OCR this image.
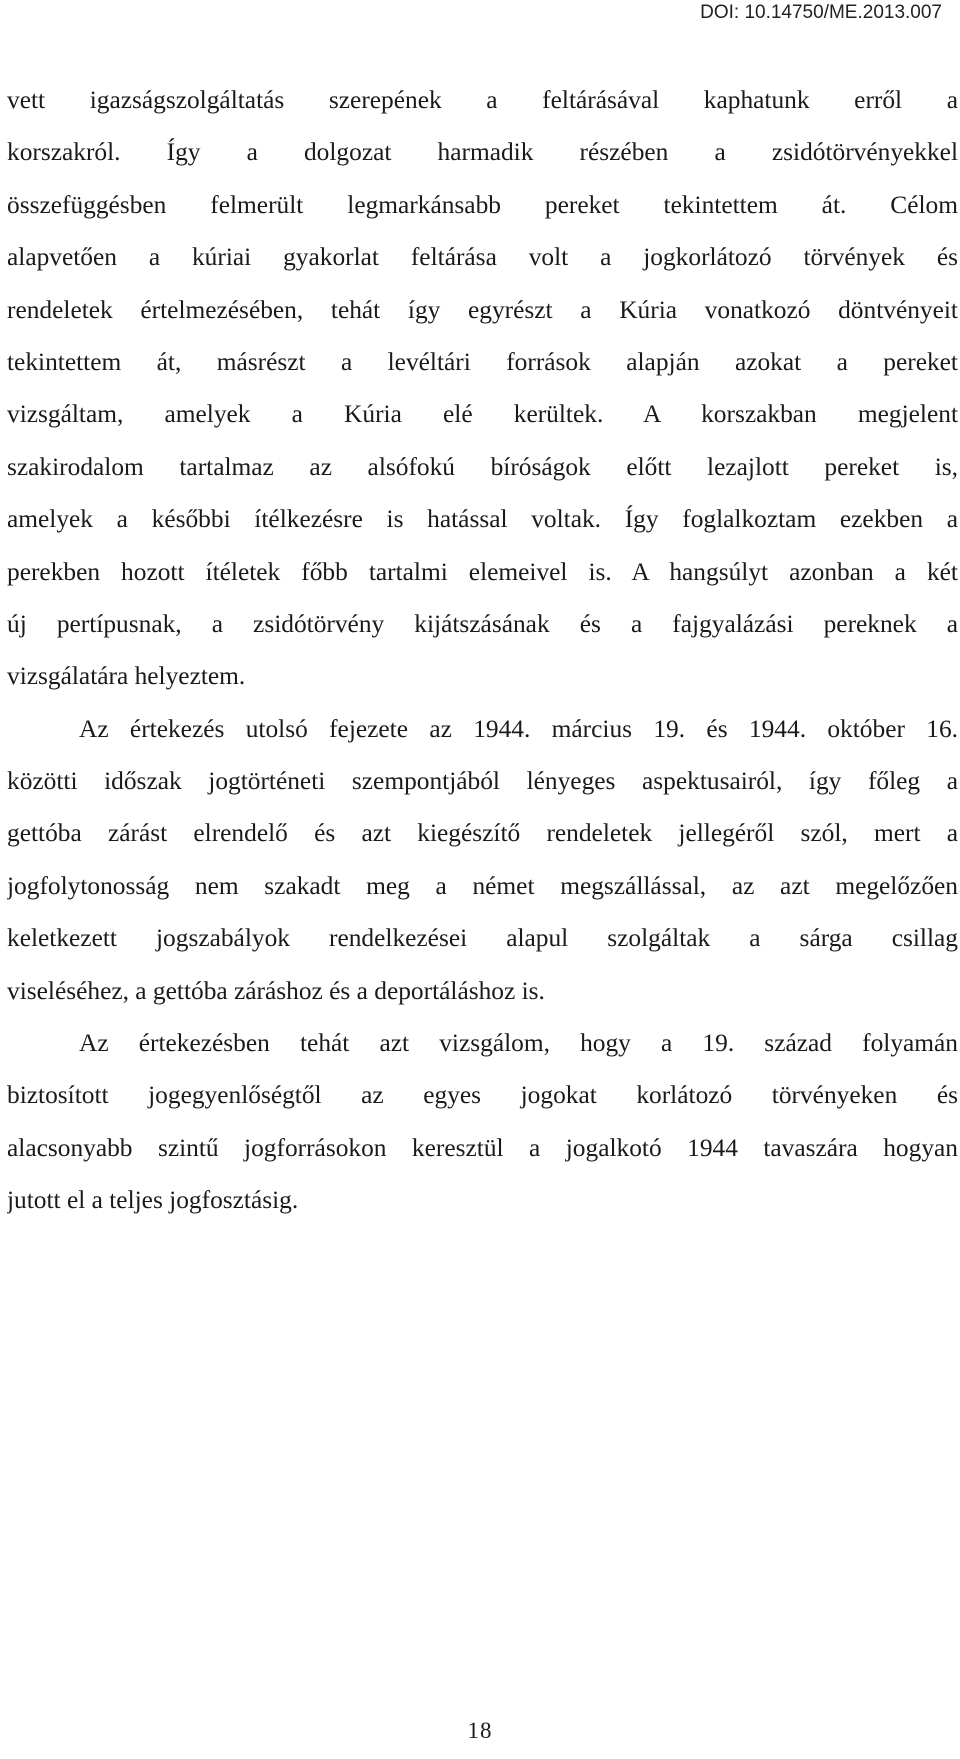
DOI: 10.14750/ME.2013.007
vett igazságszolgáltatás szerepének a feltárásával kaphatunk erről a
korszakról. Így a dolgozat harmadik részében a zsidótörvényekkel
összefüggésben felmerült legmarkánsabb pereket tekintettem át. Célom
alapvetően a kúriai gyakorlat feltárása volt a jogkorlátozó törvények és
rendeletek értelmezésében, tehát így egyrészt a Kúria vonatkozó döntvényeit
tekintettem át, másrészt a levéltári források alapján azokat a pereket
vizsgáltam, amelyek a Kúria elé kerültek. A korszakban megjelent
szakirodalom tartalmaz az alsófokú bíróságok előtt lezajlott pereket is,
amelyek a későbbi ítélkezésre is hatással voltak. Így foglalkoztam ezekben a
perekben hozott ítéletek főbb tartalmi elemeivel is. A hangsúlyt azonban a két
új pertípusnak, a zsidótörvény kijátszásának és a fajgyalázási pereknek a
vizsgálatára helyeztem.
Az értekezés utolsó fejezete az 1944. március 19. és 1944. október 16.
közötti időszak jogtörténeti szempontjából lényeges aspektusairól, így főleg a
gettóba zárást elrendelő és azt kiegészítő rendeletek jellegéről szól, mert a
jogfolytonosság nem szakadt meg a német megszállással, az azt megelőzően
keletkezett jogszabályok rendelkezései alapul szolgáltak a sárga csillag
viseléséhez, a gettóba záráshoz és a deportáláshoz is.
Az értekezésben tehát azt vizsgálom, hogy a 19. század folyamán
biztosított jogegyenlőségtől az egyes jogokat korlátozó törvényeken és
alacsonyabb szintű jogforrásokon keresztül a jogalkotó 1944 tavaszára hogyan
jutott el a teljes jogfosztásig.
18
